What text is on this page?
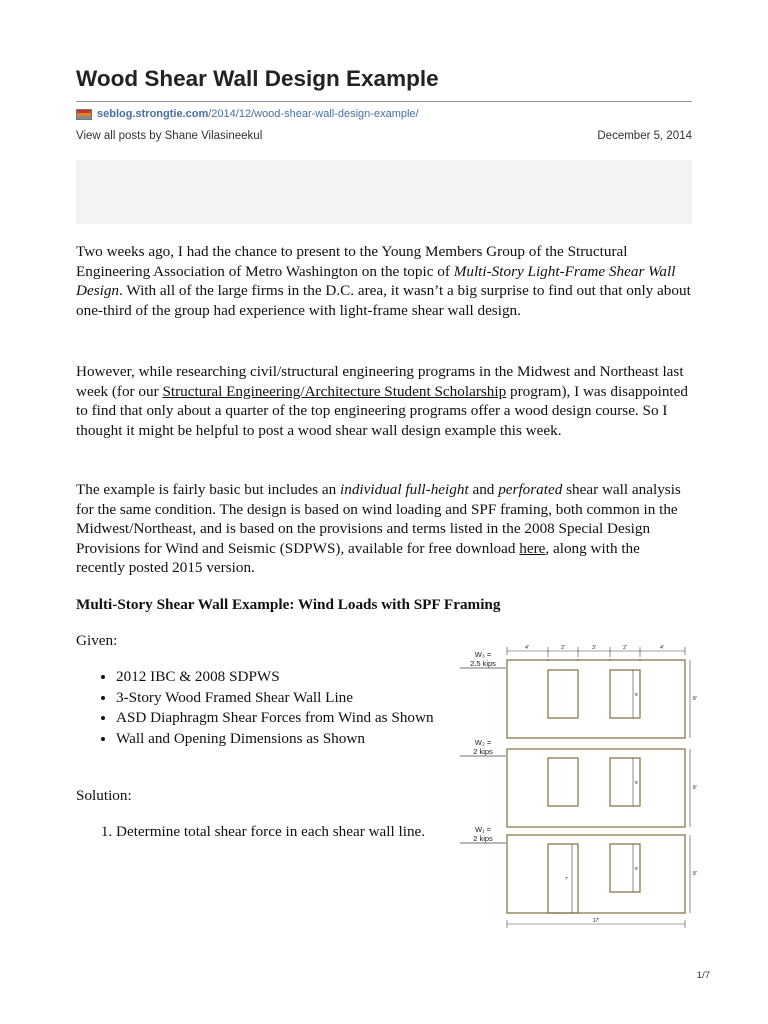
Wood Shear Wall Design Example
seblog.strongtie.com /2014/12/wood-shear-wall-design-example/
View all posts by Shane Vilasineekul	December 5, 2014

Two weeks ago, I had the chance to present to the Young Members Group of the Structural Engineering Association of Metro Washington on the topic of Multi-Story Light-Frame Shear Wall Design. With all of the large firms in the D.C. area, it wasn’t a big surprise to find out that only about one-third of the group had experience with light-frame shear wall design.

However, while researching civil/structural engineering programs in the Midwest and Northeast last week (for our Structural Engineering/Architecture Student Scholarship program), I was disappointed to find that only about a quarter of the top engineering programs offer a wood design course. So I thought it might be helpful to post a wood shear wall design example this week.

The example is fairly basic but includes an individual full-height and perforated shear wall analysis for the same condition. The design is based on wind loading and SPF framing, both common in the Midwest/Northeast, and is based on the provisions and terms listed in the 2008 Special Design Provisions for Wind and Seismic (SDPWS), available for free download here, along with the recently posted 2015 version.

Multi-Story Shear Wall Example: Wind Loads with SPF Framing

Given:

• 2012 IBC & 2008 SDPWS
• 3-Story Wood Framed Shear Wall Line
• ASD Diaphragm Shear Forces from Wind as Shown
• Wall and Opening Dimensions as Shown

Solution:

1. Determine total shear force in each shear wall line.
4'	2'	3'	2'	4'
8'
8'
8'
5'
5'
5'
7'
17'
W₃ =
2.5 kips
W₂ =
2 kips
W₁ =
2 kips
1/7
